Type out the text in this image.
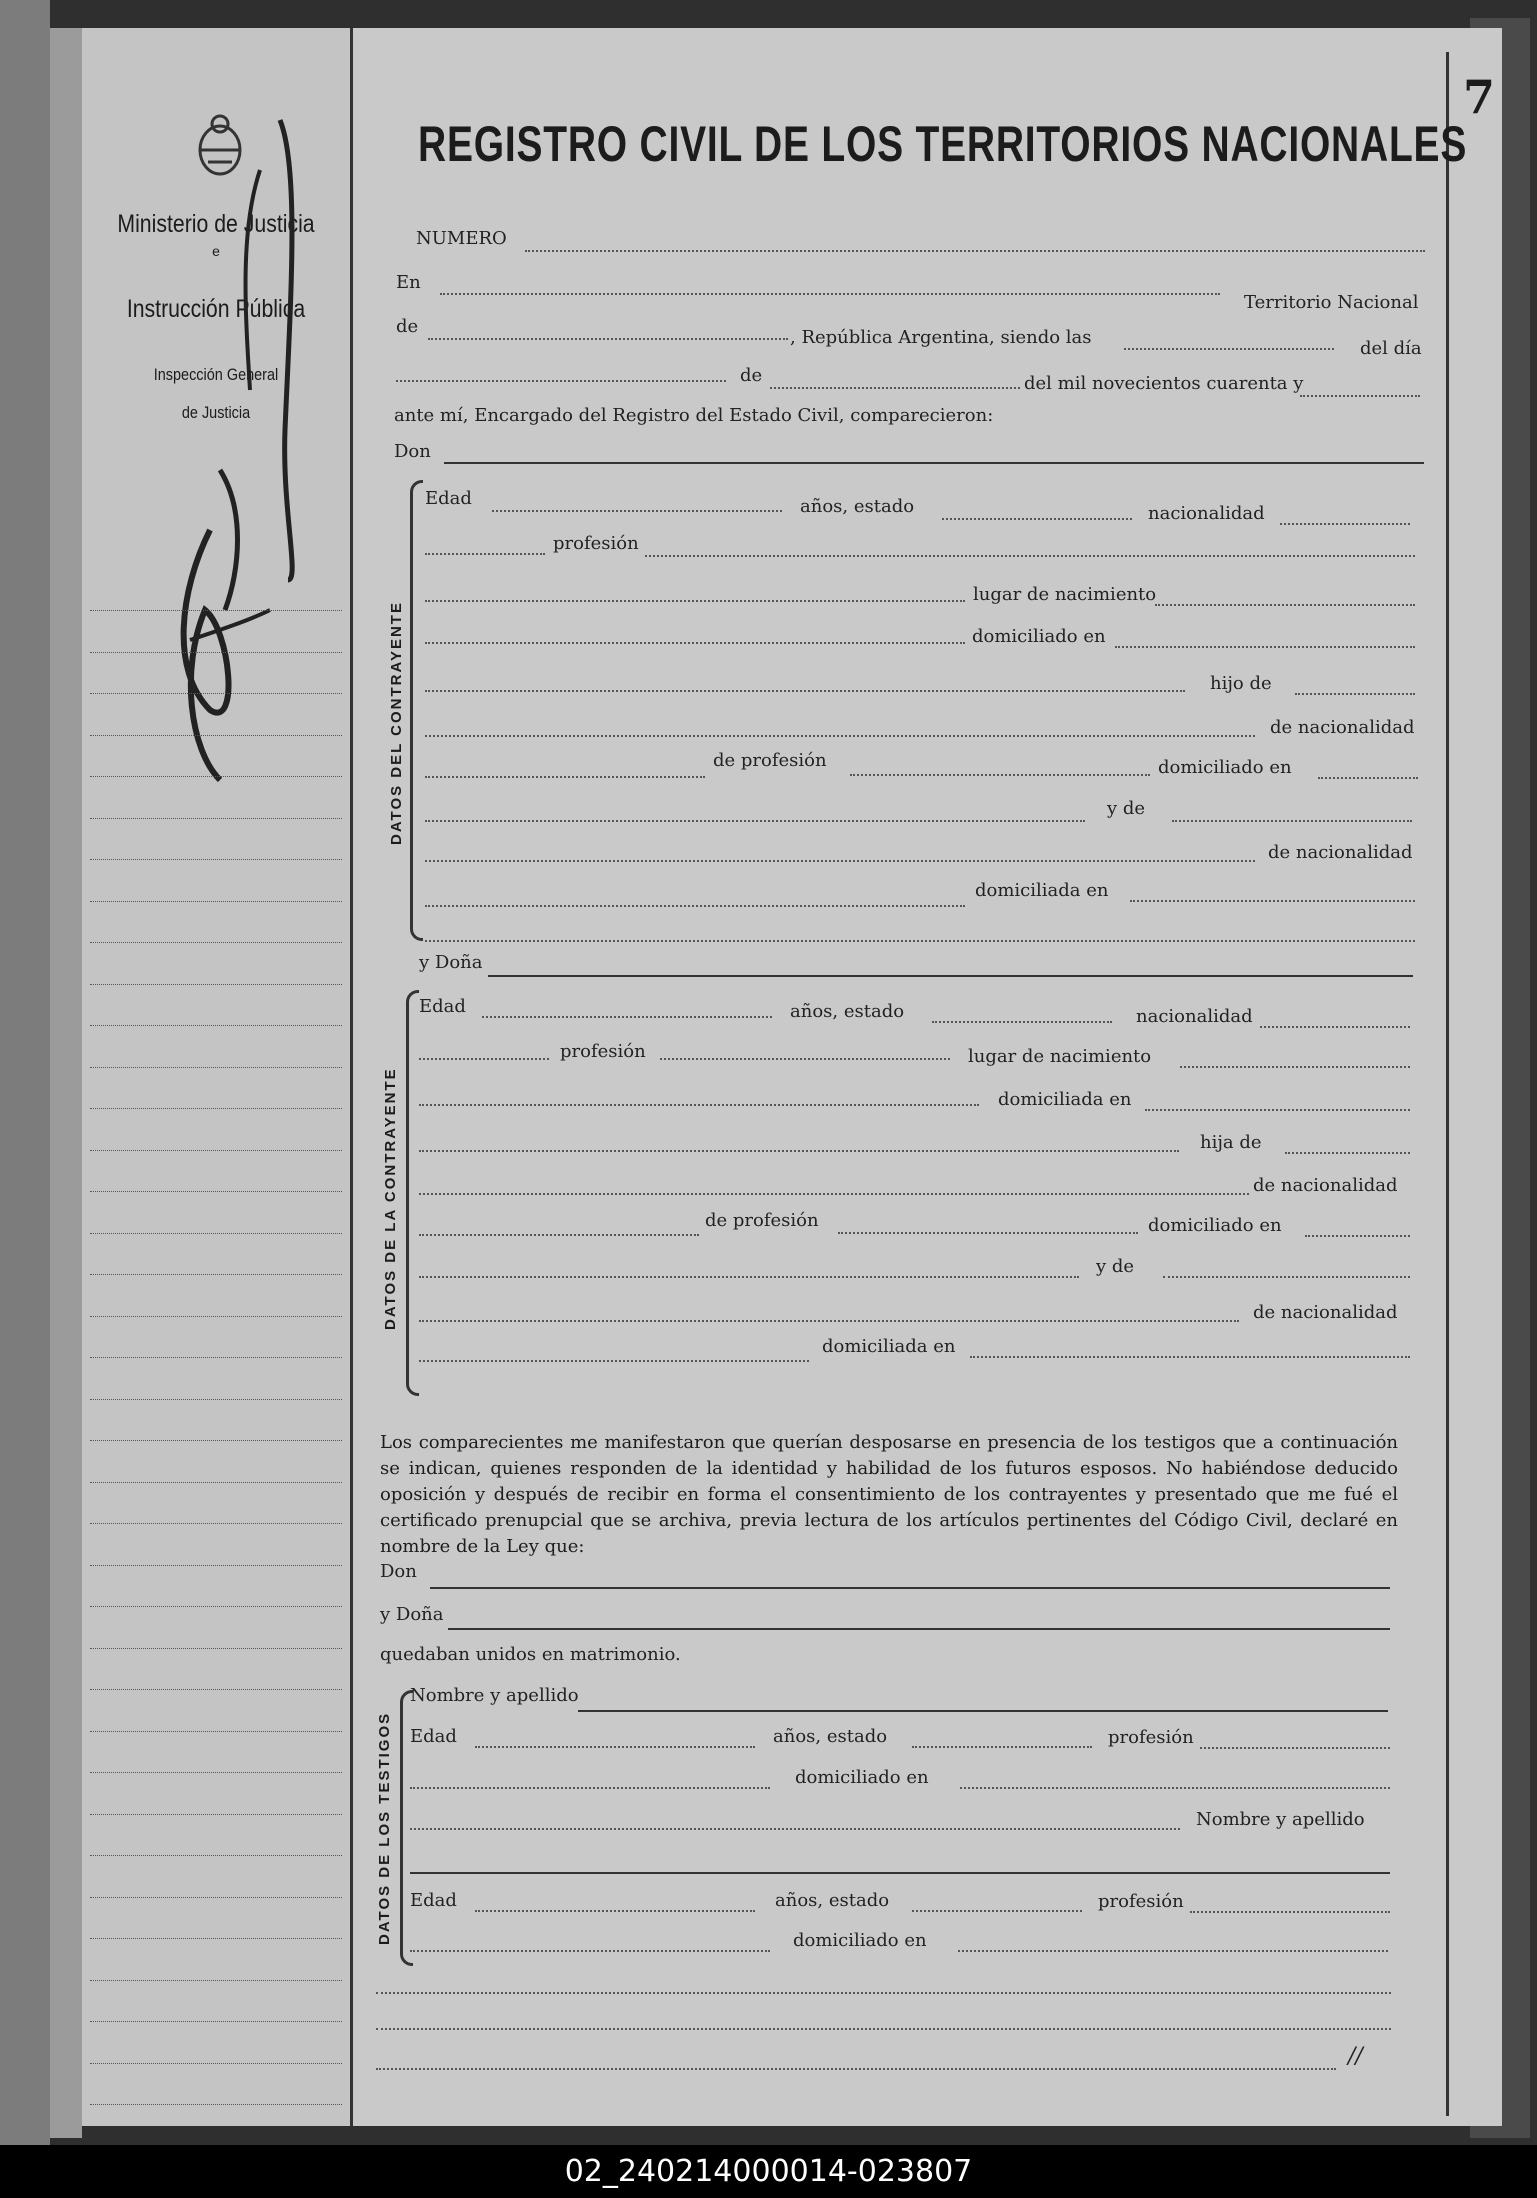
Ministerio de Justicia
e
Instrucción Pública
Inspección General
de Justicia
7
REGISTRO CIVIL DE LOS TERRITORIOS NACIONALES
NUMERO
En
Territorio Nacional
de
, República Argentina, siendo las
del día
de	del mil novecientos cuarenta y
ante mí, Encargado del Registro del Estado Civil, comparecieron:
Don
DATOS DEL CONTRAYENTE
Edad	años, estado	nacionalidad
profesión
lugar de nacimiento
domiciliado en
hijo de
de nacionalidad
de profesión	domiciliado en
y de
de nacionalidad
domiciliada en
y Doña
DATOS DE LA CONTRAYENTE
Edad	años, estado	nacionalidad
profesión	lugar de nacimiento
domiciliada en
hija de
de nacionalidad
de profesión	domiciliado en
y de
de nacionalidad
domiciliada en
Los comparecientes me manifestaron que querían desposarse en presencia de los testigos que a continuación se indican, quienes responden de la identidad y habilidad de los futuros esposos. No habiéndose deducido oposición y después de recibir en forma el consentimiento de los contrayentes y presentado que me fué el certificado prenupcial que se archiva, previa lectura de los artículos pertinentes del Código Civil, declaré en nombre de la Ley que:
Don
y Doña
quedaban unidos en matrimonio.
DATOS DE LOS TESTIGOS
Nombre y apellido
Edad	años, estado	profesión
domiciliado en
Nombre y apellido
Edad	años, estado	profesión
domiciliado en
//
02_240214000014-023807
